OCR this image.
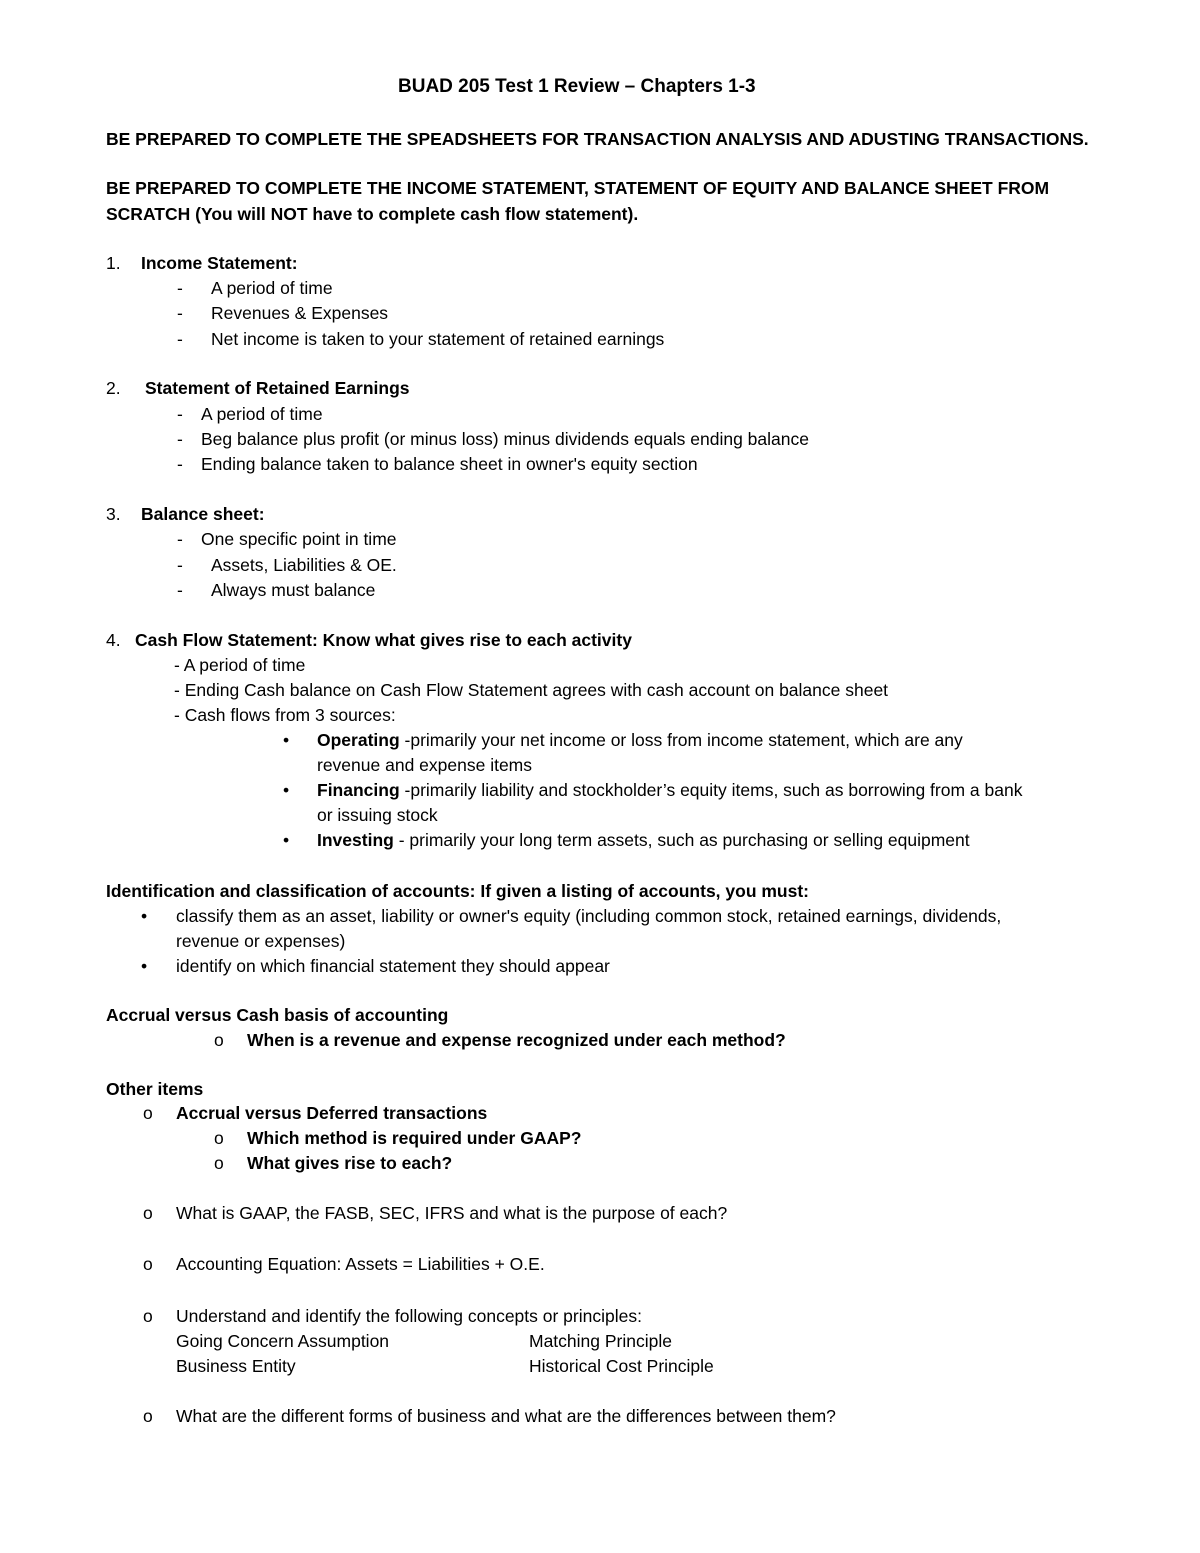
BUAD 205 Test 1 Review – Chapters 1-3
BE PREPARED TO COMPLETE THE SPEADSHEETS FOR TRANSACTION ANALYSIS AND ADUSTING TRANSACTIONS.
BE PREPARED TO COMPLETE THE INCOME STATEMENT, STATEMENT OF EQUITY AND BALANCE SHEET FROM
SCRATCH (You will NOT have to complete cash flow statement).
1. Income Statement:
- A period of time
- Revenues & Expenses
- Net income is taken to your statement of retained earnings
2. Statement of Retained Earnings
- A period of time
- Beg balance plus profit (or minus loss) minus dividends equals ending balance
- Ending balance taken to balance sheet in owner's equity section
3. Balance sheet:
- One specific point in time
- Assets, Liabilities & OE.
- Always must balance
4. Cash Flow Statement: Know what gives rise to each activity
- A period of time
- Ending Cash balance on Cash Flow Statement agrees with cash account on balance sheet
- Cash flows from 3 sources:
• Operating -primarily your net income or loss from income statement, which are any
revenue and expense items
• Financing -primarily liability and stockholder’s equity items, such as borrowing from a bank
or issuing stock
• Investing - primarily your long term assets, such as purchasing or selling equipment
Identification and classification of accounts: If given a listing of accounts, you must:
• classify them as an asset, liability or owner's equity (including common stock, retained earnings, dividends,
revenue or expenses)
• identify on which financial statement they should appear
Accrual versus Cash basis of accounting
o When is a revenue and expense recognized under each method?
Other items
o Accrual versus Deferred transactions
o Which method is required under GAAP?
o What gives rise to each?
o What is GAAP, the FASB, SEC, IFRS and what is the purpose of each?
o Accounting Equation: Assets = Liabilities + O.E.
o Understand and identify the following concepts or principles:
Going Concern Assumption	Matching Principle
Business Entity	Historical Cost Principle
o What are the different forms of business and what are the differences between them?
